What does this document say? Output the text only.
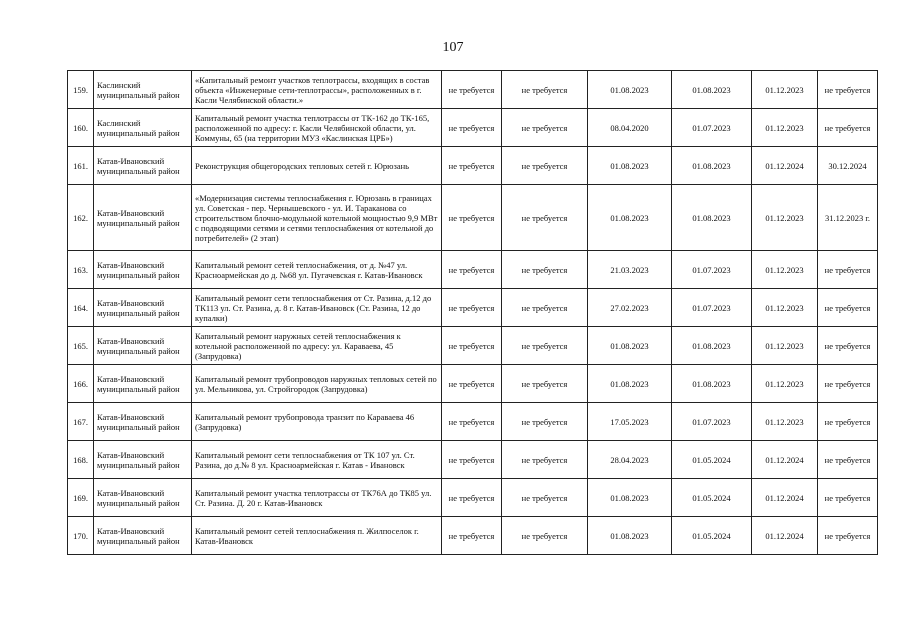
107
159.	Каслинский муниципальный район	«Капитальный ремонт участков теплотрассы, входящих в состав объекта «Инженерные сети-теплотрассы», расположенных в г. Касли Челябинской области.»	не требуется	не требуется	01.08.2023	01.08.2023	01.12.2023	не требуется
160.	Каслинский муниципальный район	Капитальный ремонт участка теплотрассы от ТК-162 до ТК-165, расположенной по адресу: г. Касли Челябинской области, ул. Коммуны, 65 (на территории МУЗ «Каслинская ЦРБ»)	не требуется	не требуется	08.04.2020	01.07.2023	01.12.2023	не требуется
161.	Катав-Ивановский муниципальный район	Реконструкция общегородских тепловых сетей г. Юрюзань	не требуется	не требуется	01.08.2023	01.08.2023	01.12.2024	30.12.2024
162.	Катав-Ивановский муниципальный район	«Модернизация системы теплоснабжения г. Юрюзань в границах ул. Советская - пер. Чернышевского - ул. И. Тараканова со строительством блочно-модульной котельной мощностью 9,9 МВт с подводящими сетями и сетями теплоснабжения от котельной до потребителей» (2 этап)	не требуется	не требуется	01.08.2023	01.08.2023	01.12.2023	31.12.2023 г.
163.	Катав-Ивановский муниципальный район	Капитальный ремонт сетей теплоснабжения, от д. №47 ул. Красноармейская до д. №68 ул. Пугачевская г. Катав-Ивановск	не требуется	не требуется	21.03.2023	01.07.2023	01.12.2023	не требуется
164.	Катав-Ивановский муниципальный район	Капитальный ремонт сети теплоснабжения от Ст. Разина, д.12 до ТК113 ул. Ст. Разина, д. 8 г. Катав-Ивановск (Ст. Разина, 12 до купалки)	не требуется	не требуется	27.02.2023	01.07.2023	01.12.2023	не требуется
165.	Катав-Ивановский муниципальный район	Капитальный ремонт наружных сетей теплоснабжения к котельной расположенной по адресу: ул. Караваева, 45 (Запрудовка)	не требуется	не требуется	01.08.2023	01.08.2023	01.12.2023	не требуется
166.	Катав-Ивановский муниципальный район	Капитальный ремонт трубопроводов наружных тепловых сетей по ул. Мельникова, ул. Стройгородок (Запрудовка)	не требуется	не требуется	01.08.2023	01.08.2023	01.12.2023	не требуется
167.	Катав-Ивановский муниципальный район	Капитальный ремонт трубопровода транзит по Караваева 46 (Запрудовка)	не требуется	не требуется	17.05.2023	01.07.2023	01.12.2023	не требуется
168.	Катав-Ивановский муниципальный район	Капитальный ремонт сети теплоснабжения от ТК 107 ул. Ст. Разина, до д.№ 8 ул. Красноармейская г. Катав - Ивановск	не требуется	не требуется	28.04.2023	01.05.2024	01.12.2024	не требуется
169.	Катав-Ивановский муниципальный район	Капитальный ремонт участка теплотрассы от ТК76А до ТК85 ул. Ст. Разина. Д. 20 г. Катав-Ивановск	не требуется	не требуется	01.08.2023	01.05.2024	01.12.2024	не требуется
170.	Катав-Ивановский муниципальный район	Капитальный ремонт сетей теплоснабжения п. Жилпоселок г. Катав-Ивановск	не требуется	не требуется	01.08.2023	01.05.2024	01.12.2024	не требуется
